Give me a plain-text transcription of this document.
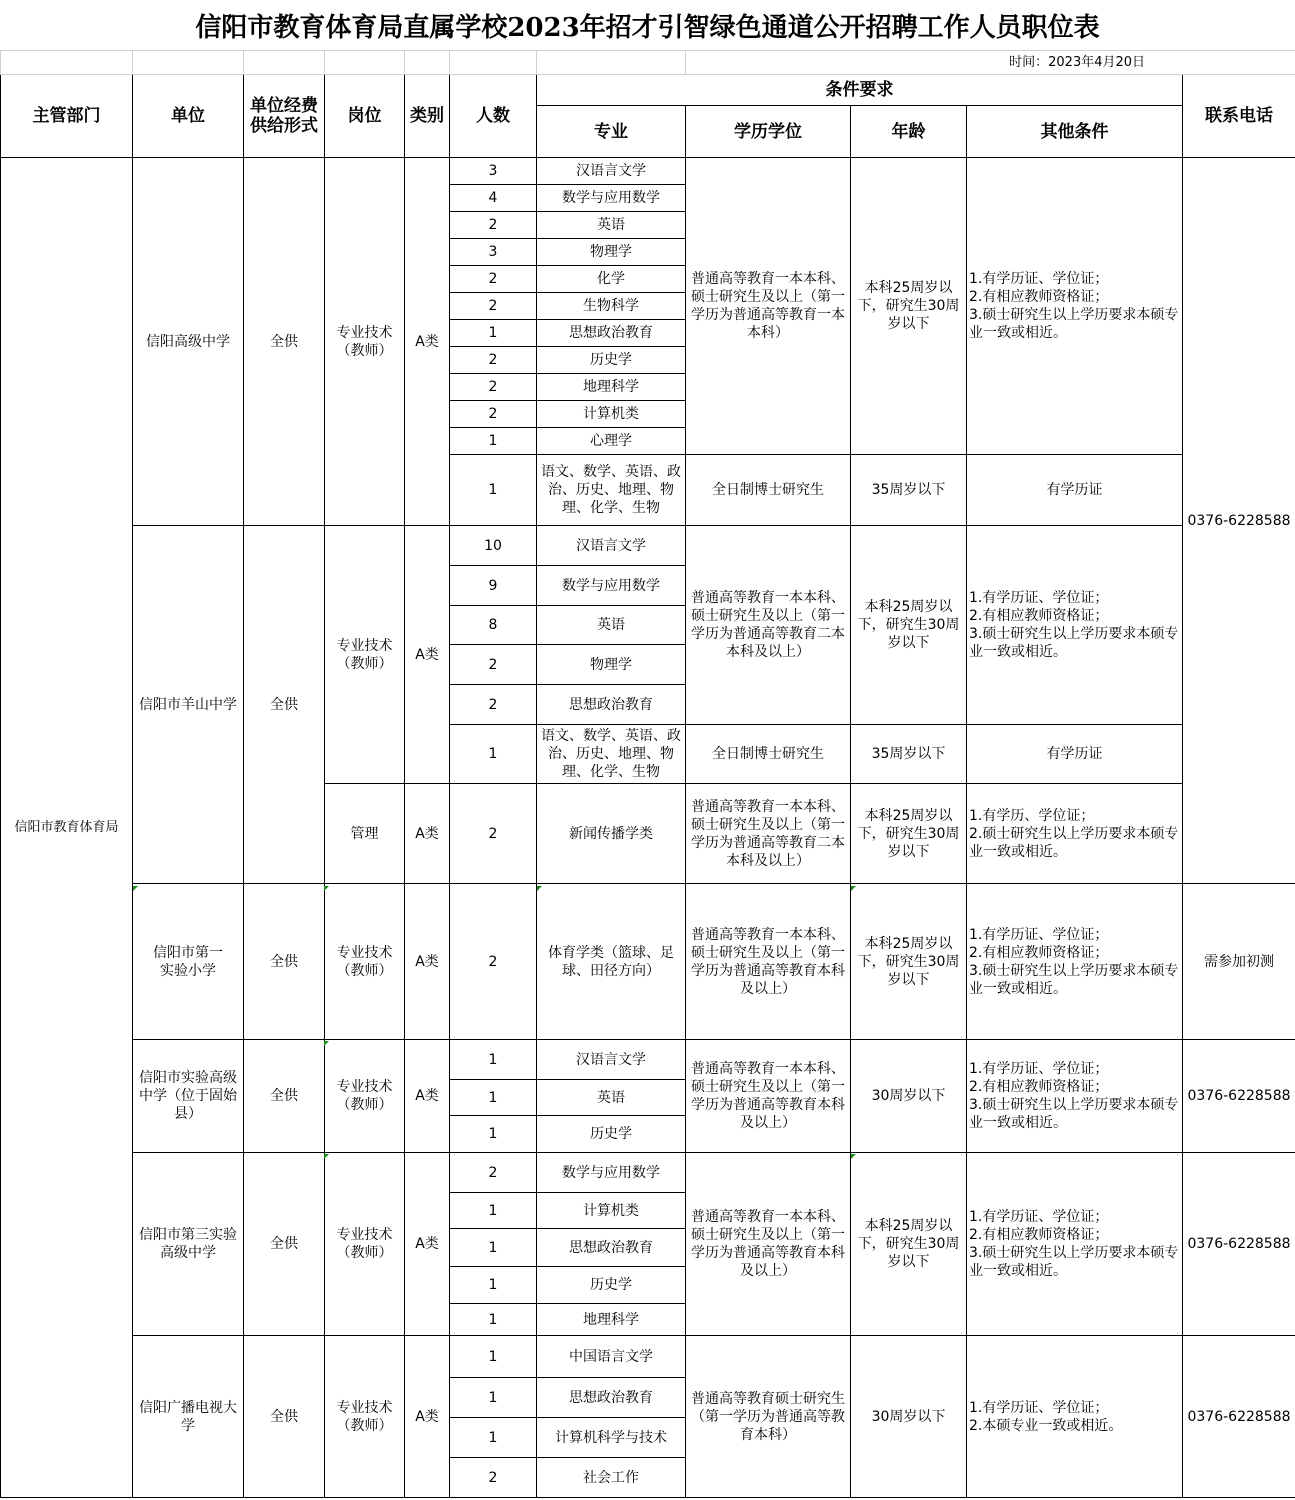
信阳市教育体育局直属学校2023年招才引智绿色通道公开招聘工作人员职位表
							时间：2023年4月20日			
主管部门	单位	单位经费供给形式	岗位	类别	人数	条件要求				联系电话
						专业	学历学位	年龄	其他条件	
信阳市教育体育局	信阳高级中学	全供	专业技术（教师）	A类	3	汉语言文学	普通高等教育一本本科、硕士研究生及以上（第一学历为普通高等教育一本本科）	本科25周岁以下，研究生30周岁以下	1.有学历证、学位证；
2.有相应教师资格证；
3.硕士研究生以上学历要求本硕专业一致或相近。	0376-6228588
					4	数学与应用数学				
					2	英语				
					3	物理学				
					2	化学				
					2	生物科学				
					1	思想政治教育				
					2	历史学				
					2	地理科学				
					2	计算机类				
					1	心理学				
					1	语文、数学、英语、政治、历史、地理、物理、化学、生物	全日制博士研究生	35周岁以下	有学历证	
	信阳市羊山中学	全供	专业技术（教师）	A类	10	汉语言文学	普通高等教育一本本科、硕士研究生及以上（第一学历为普通高等教育二本本科及以上）	本科25周岁以下，研究生30周岁以下	1.有学历证、学位证；
2.有相应教师资格证；
3.硕士研究生以上学历要求本硕专业一致或相近。	
					9	数学与应用数学				
					8	英语				
					2	物理学				
					2	思想政治教育				
					1	语文、数学、英语、政治、历史、地理、物理、化学、生物	全日制博士研究生	35周岁以下	有学历证	
			管理	A类	2	新闻传播学类	普通高等教育一本本科、硕士研究生及以上（第一学历为普通高等教育二本本科及以上）	本科25周岁以下，研究生30周岁以下	1.有学历、学位证；
2.硕士研究生以上学历要求本硕专业一致或相近。	
	信阳市第一实验小学	全供	专业技术（教师）	A类	2	体育学类（篮球、足球、田径方向）	普通高等教育一本本科、硕士研究生及以上（第一学历为普通高等教育本科及以上）	本科25周岁以下，研究生30周岁以下	1.有学历证、学位证；
2.有相应教师资格证；
3.硕士研究生以上学历要求本硕专业一致或相近。	需参加初测
	信阳市实验高级中学（位于固始县）	全供	专业技术（教师）	A类	1	汉语言文学	普通高等教育一本本科、硕士研究生及以上（第一学历为普通高等教育本科及以上）	30周岁以下	1.有学历证、学位证；
2.有相应教师资格证；
3.硕士研究生以上学历要求本硕专业一致或相近。	0376-6228588
					1	英语				
					1	历史学				
	信阳市第三实验高级中学	全供	专业技术（教师）	A类	2	数学与应用数学	普通高等教育一本本科、硕士研究生及以上（第一学历为普通高等教育本科及以上）	本科25周岁以下，研究生30周岁以下	1.有学历证、学位证；
2.有相应教师资格证；
3.硕士研究生以上学历要求本硕专业一致或相近。	0376-6228588
					1	计算机类				
					1	思想政治教育				
					1	历史学				
					1	地理科学				
	信阳广播电视大学	全供	专业技术（教师）	A类	1	中国语言文学	普通高等教育硕士研究生（第一学历为普通高等教育本科）	30周岁以下	1.有学历证、学位证；
2.本硕专业一致或相近。	0376-6228588
					1	思想政治教育				
					1	计算机科学与技术				
					2	社会工作				
